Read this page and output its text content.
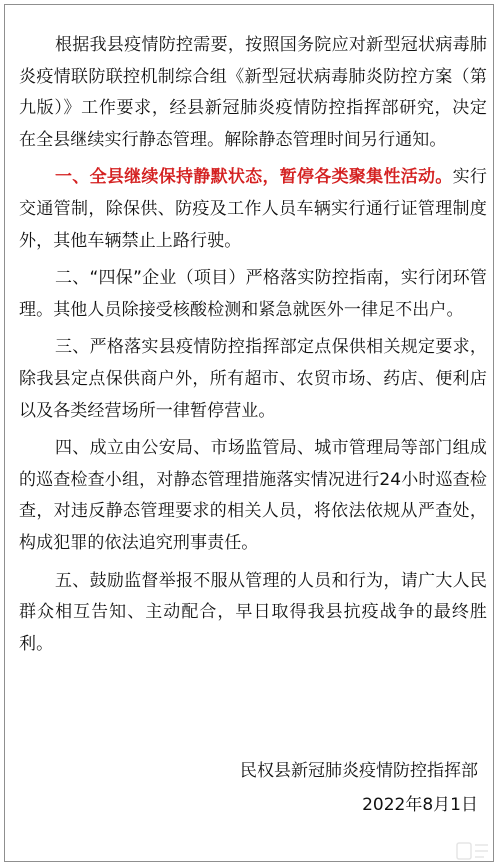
根据我县疫情防控需要，按照国务院应对新型冠状病毒肺炎疫情联防联控机制综合组《新型冠状病毒肺炎防控方案（第九版）》工作要求，经县新冠肺炎疫情防控指挥部研究，决定在全县继续实行静态管理。解除静态管理时间另行通知。

一、全县继续保持静默状态，暂停各类聚集性活动。实行交通管制，除保供、防疫及工作人员车辆实行通行证管理制度外，其他车辆禁止上路行驶。

二、“四保”企业（项目）严格落实防控指南，实行闭环管理。其他人员除接受核酸检测和紧急就医外一律足不出户。

三、严格落实县疫情防控指挥部定点保供相关规定要求，除我县定点保供商户外，所有超市、农贸市场、药店、便利店以及各类经营场所一律暂停营业。

四、成立由公安局、市场监管局、城市管理局等部门组成的巡查检查小组，对静态管理措施落实情况进行24小时巡查检查，对违反静态管理要求的相关人员，将依法依规从严查处，构成犯罪的依法追究刑事责任。

五、鼓励监督举报不服从管理的人员和行为，请广大人民群众相互告知、主动配合，早日取得我县抗疫战争的最终胜利。

民权县新冠肺炎疫情防控指挥部
2022年8月1日
